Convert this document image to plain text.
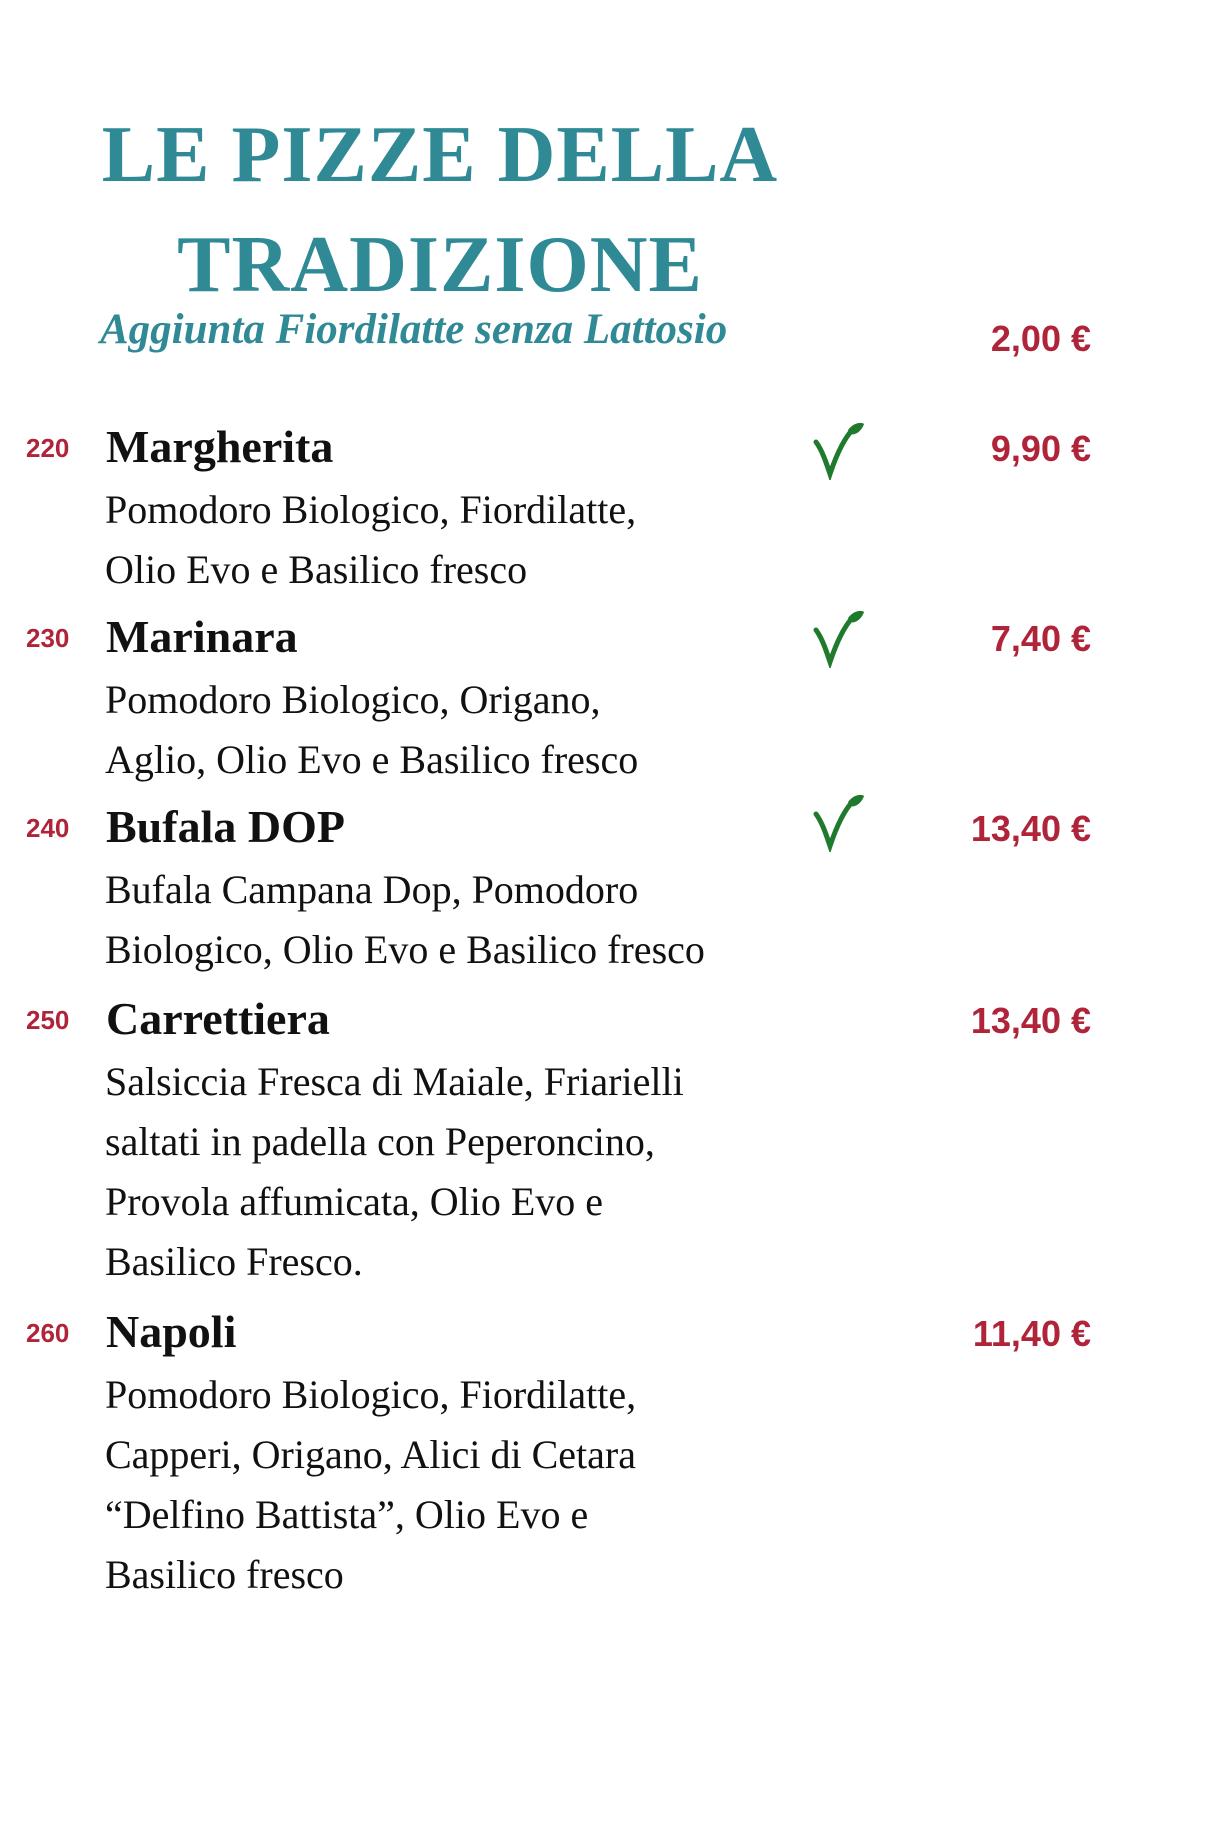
LE PIZZE DELLA
TRADIZIONE
Aggiunta Fiordilatte senza Lattosio	2,00 €
220 Margherita	9,90 €
Pomodoro Biologico, Fiordilatte,
Olio Evo e Basilico fresco
230 Marinara	7,40 €
Pomodoro Biologico, Origano,
Aglio, Olio Evo e Basilico fresco
240 Bufala DOP	13,40 €
Bufala Campana Dop, Pomodoro
Biologico, Olio Evo e Basilico fresco
250 Carrettiera	13,40 €
Salsiccia Fresca di Maiale, Friarielli
saltati in padella con Peperoncino,
Provola affumicata, Olio Evo e
Basilico Fresco.
260 Napoli	11,40 €
Pomodoro Biologico, Fiordilatte,
Capperi, Origano, Alici di Cetara
“Delfino Battista”, Olio Evo e
Basilico fresco
